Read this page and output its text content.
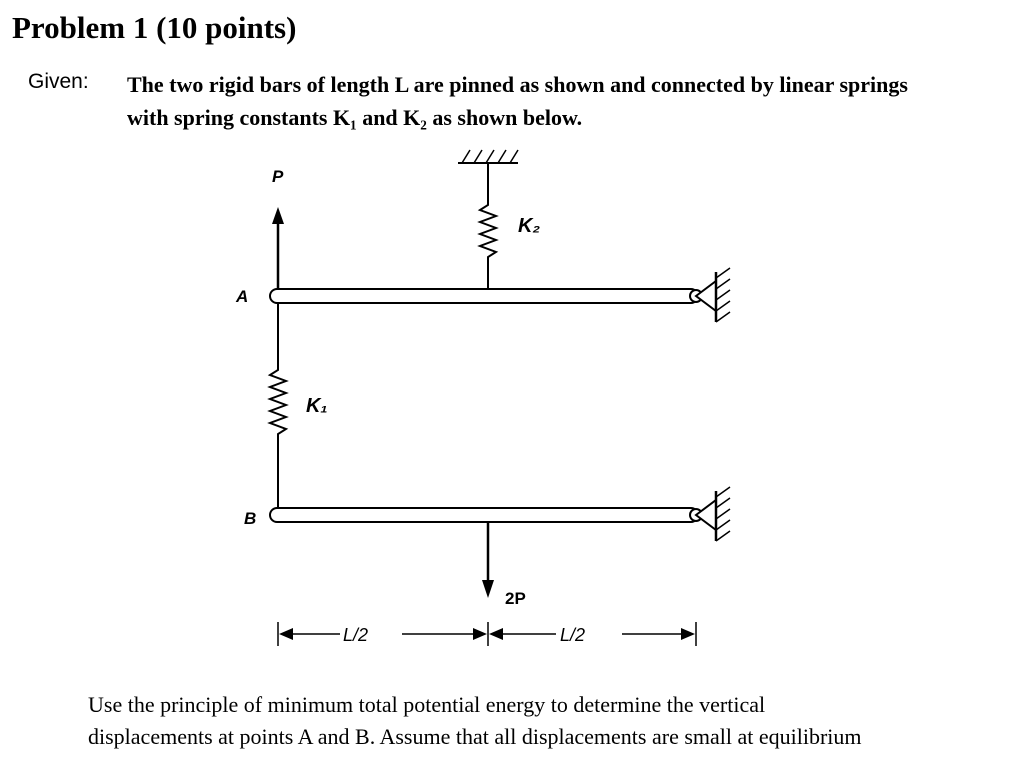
Problem 1 (10 points)
Given: The two rigid bars of length L are pinned as shown and connected by linear springs
with spring constants K₁ and K₂ as shown below.
K₂
A
P
K₁
B
2P
L/2	L/2
Use the principle of minimum total potential energy to determine the vertical
displacements at points A and B. Assume that all displacements are small at equilibrium
